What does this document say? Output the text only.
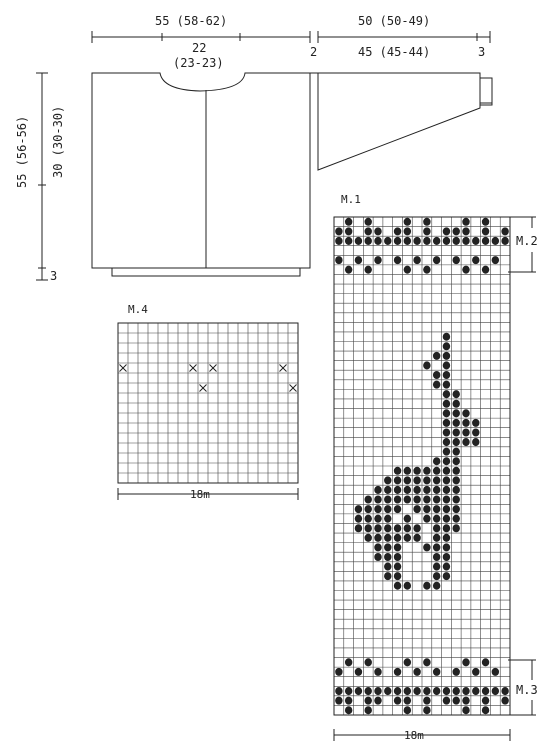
55 (58-62)	50 (50-49)
22
(23-23)
2	45 (45-44)	3
55 (56-56) 30 (30-30)
3
M.4
18m
M.1
M.2
M.3
18m
